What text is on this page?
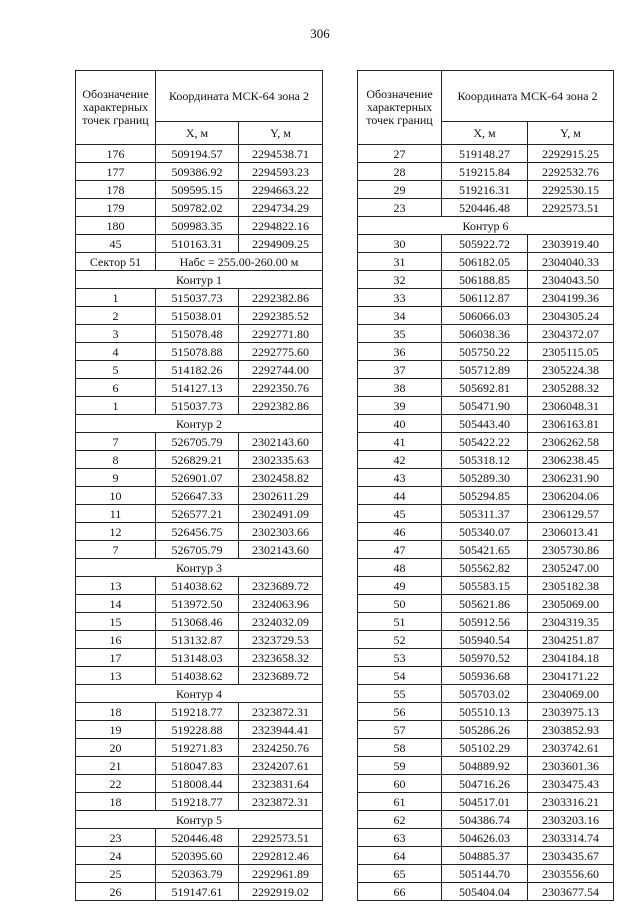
306
Обозначение характерных точек границ	Координата МСК-64 зона 2	
	X, м	Y, м
176	509194.57	2294538.71
177	509386.92	2294593.23
178	509595.15	2294663.22
179	509782.02	2294734.29
180	509983.35	2294822.16
45	510163.31	2294909.25
Сектор 51	Набс = 255.00-260.00 м	
Контур 1		
1	515037.73	2292382.86
2	515038.01	2292385.52
3	515078.48	2292771.80
4	515078.88	2292775.60
5	514182.26	2292744.00
6	514127.13	2292350.76
1	515037.73	2292382.86
Контур 2		
7	526705.79	2302143.60
8	526829.21	2302335.63
9	526901.07	2302458.82
10	526647.33	2302611.29
11	526577.21	2302491.09
12	526456.75	2302303.66
7	526705.79	2302143.60
Контур 3		
13	514038.62	2323689.72
14	513972.50	2324063.96
15	513068.46	2324032.09
16	513132.87	2323729.53
17	513148.03	2323658.32
13	514038.62	2323689.72
Контур 4		
18	519218.77	2323872.31
19	519228.88	2323944.41
20	519271.83	2324250.76
21	518047.83	2324207.61
22	518008.44	2323831.64
18	519218.77	2323872.31
Контур 5		
23	520446.48	2292573.51
24	520395.60	2292812.46
25	520363.79	2292961.89
26	519147.61	2292919.02
Обозначение характерных точек границ	Координата МСК-64 зона 2	
	X, м	Y, м
27	519148.27	2292915.25
28	519215.84	2292532.76
29	519216.31	2292530.15
23	520446.48	2292573.51
Контур 6		
30	505922.72	2303919.40
31	506182.05	2304040.33
32	506188.85	2304043.50
33	506112.87	2304199.36
34	506066.03	2304305.24
35	506038.36	2304372.07
36	505750.22	2305115.05
37	505712.89	2305224.38
38	505692.81	2305288.32
39	505471.90	2306048.31
40	505443.40	2306163.81
41	505422.22	2306262.58
42	505318.12	2306238.45
43	505289.30	2306231.90
44	505294.85	2306204.06
45	505311.37	2306129.57
46	505340.07	2306013.41
47	505421.65	2305730.86
48	505562.82	2305247.00
49	505583.15	2305182.38
50	505621.86	2305069.00
51	505912.56	2304319.35
52	505940.54	2304251.87
53	505970.52	2304184.18
54	505936.68	2304171.22
55	505703.02	2304069.00
56	505510.13	2303975.13
57	505286.26	2303852.93
58	505102.29	2303742.61
59	504889.92	2303601.36
60	504716.26	2303475.43
61	504517.01	2303316.21
62	504386.74	2303203.16
63	504626.03	2303314.74
64	504885.37	2303435.67
65	505144.70	2303556.60
66	505404.04	2303677.54
